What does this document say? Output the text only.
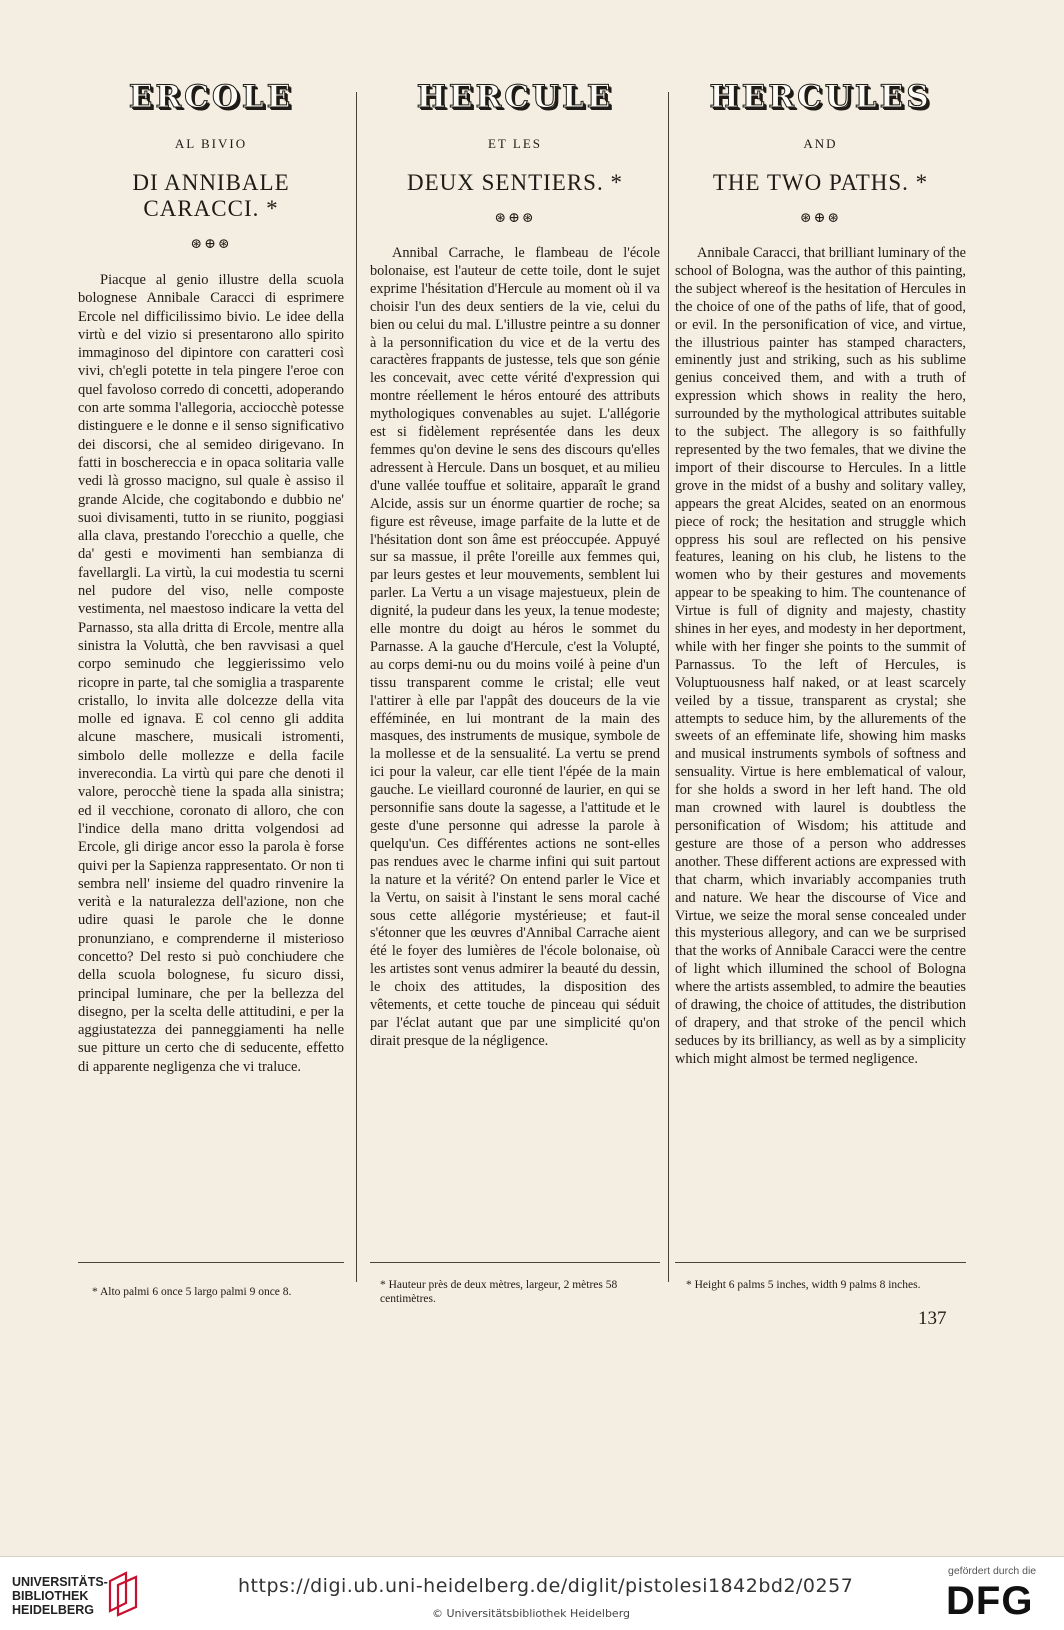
ERCOLE
AL BIVIO
DI ANNIBALE CARACCI. *
⊛⊕⊛
Piacque al genio illustre della scuola bolognese Annibale Caracci di esprimere Ercole nel difficilissimo bivio. Le idee della virtù e del vizio si presentarono allo spirito immaginoso del dipintore con caratteri così vivi, ch'egli potette in tela pingere l'eroe con quel favoloso corredo di concetti, adoperando con arte somma l'allegoria, acciocchè potesse distinguere e le donne e il senso significativo dei discorsi, che al semideo dirigevano. In fatti in boschereccia e in opaca solitaria valle vedi là grosso macigno, sul quale è assiso il grande Alcide, che cogitabondo e dubbio ne' suoi divisamenti, tutto in se riunito, poggiasi alla clava, prestando l'orecchio a quelle, che da' gesti e movimenti han sembianza di favellargli. La virtù, la cui modestia tu scerni nel pudore del viso, nelle composte vestimenta, nel maestoso indicare la vetta del Parnasso, sta alla dritta di Ercole, mentre alla sinistra la Voluttà, che ben ravvisasi a quel corpo seminudo che leggierissimo velo ricopre in parte, tal che somiglia a trasparente cristallo, lo invita alle dolcezze della vita molle ed ignava. E col cenno gli addita alcune maschere, musicali istromenti, simbolo delle mollezze e della facile inverecondia. La virtù qui pare che denoti il valore, perocchè tiene la spada alla sinistra; ed il vecchione, coronato di alloro, che con l'indice della mano dritta volgendosi ad Ercole, gli dirige ancor esso la parola è forse quivi per la Sapienza rappresentato. Or non ti sembra nell' insieme del quadro rinvenire la verità e la naturalezza dell'azione, non che udire quasi le parole che le donne pronunziano, e comprenderne il misterioso concetto? Del resto si può conchiudere che della scuola bolognese, fu sicuro dissi, principal luminare, che per la bellezza del disegno, per la scelta delle attitudini, e per la aggiustatezza dei panneggiamenti ha nelle sue pitture un certo che di seducente, effetto di apparente negligenza che vi traluce.
HERCULE
ET LES
DEUX SENTIERS. *
⊛⊕⊛
Annibal Carrache, le flambeau de l'école bolonaise, est l'auteur de cette toile, dont le sujet exprime l'hésitation d'Hercule au moment où il va choisir l'un des deux sentiers de la vie, celui du bien ou celui du mal. L'illustre peintre a su donner à la personnification du vice et de la vertu des caractères frappants de justesse, tels que son génie les concevait, avec cette vérité d'expression qui montre réellement le héros entouré des attributs mythologiques convenables au sujet. L'allégorie est si fidèlement représentée dans les deux femmes qu'on devine le sens des discours qu'elles adressent à Hercule. Dans un bosquet, et au milieu d'une vallée touffue et solitaire, apparaît le grand Alcide, assis sur un énorme quartier de roche; sa figure est rêveuse, image parfaite de la lutte et de l'hésitation dont son âme est préoccupée. Appuyé sur sa massue, il prête l'oreille aux femmes qui, par leurs gestes et leur mouvements, semblent lui parler. La Vertu a un visage majestueux, plein de dignité, la pudeur dans les yeux, la tenue modeste; elle montre du doigt au héros le sommet du Parnasse. A la gauche d'Hercule, c'est la Volupté, au corps demi-nu ou du moins voilé à peine d'un tissu transparent comme le cristal; elle veut l'attirer à elle par l'appât des douceurs de la vie efféminée, en lui montrant de la main des masques, des instruments de musique, symbole de la mollesse et de la sensualité. La vertu se prend ici pour la valeur, car elle tient l'épée de la main gauche. Le vieillard couronné de laurier, en qui se personnifie sans doute la sagesse, a l'attitude et le geste d'une personne qui adresse la parole à quelqu'un. Ces différentes actions ne sont-elles pas rendues avec le charme infini qui suit partout la nature et la vérité? On entend parler le Vice et la Vertu, on saisit à l'instant le sens moral caché sous cette allégorie mystérieuse; et faut-il s'étonner que les œuvres d'Annibal Carrache aient été le foyer des lumières de l'école bolonaise, où les artistes sont venus admirer la beauté du dessin, le choix des attitudes, la disposition des vêtements, et cette touche de pinceau qui séduit par l'éclat autant que par une simplicité qu'on dirait presque de la négligence.
HERCULES
AND
THE TWO PATHS. *
⊛⊕⊛
Annibale Caracci, that brilliant luminary of the school of Bologna, was the author of this painting, the subject whereof is the hesitation of Hercules in the choice of one of the paths of life, that of good, or evil. In the personification of vice, and virtue, the illustrious painter has stamped characters, eminently just and striking, such as his sublime genius conceived them, and with a truth of expression which shows in reality the hero, surrounded by the mythological attributes suitable to the subject. The allegory is so faithfully represented by the two females, that we divine the import of their discourse to Hercules. In a little grove in the midst of a bushy and solitary valley, appears the great Alcides, seated on an enormous piece of rock; the hesitation and struggle which oppress his soul are reflected on his pensive features, leaning on his club, he listens to the women who by their gestures and movements appear to be speaking to him. The countenance of Virtue is full of dignity and majesty, chastity shines in her eyes, and modesty in her deportment, while with her finger she points to the summit of Parnassus. To the left of Hercules, is Voluptuousness half naked, or at least scarcely veiled by a tissue, transparent as crystal; she attempts to seduce him, by the allurements of the sweets of an effeminate life, showing him masks and musical instruments symbols of softness and sensuality. Virtue is here emblematical of valour, for she holds a sword in her left hand. The old man crowned with laurel is doubtless the personification of Wisdom; his attitude and gesture are those of a person who addresses another. These different actions are expressed with that charm, which invariably accompanies truth and nature. We hear the discourse of Vice and Virtue, we seize the moral sense concealed under this mysterious allegory, and can we be surprised that the works of Annibale Caracci were the centre of light which illumined the school of Bologna where the artists assembled, to admire the beauties of drawing, the choice of attitudes, the distribution of drapery, and that stroke of the pencil which seduces by its brilliancy, as well as by a simplicity which might almost be termed negligence.
* Alto palmi 6 once 5 largo palmi 9 once 8.
* Hauteur près de deux mètres, largeur, 2 mètres 58 centimètres.
* Height 6 palms 5 inches, width 9 palms 8 inches.
137
UNIVERSITÄTS-
BIBLIOTHEK
HEIDELBERG
https://digi.ub.uni-heidelberg.de/diglit/pistolesi1842bd2/0257
© Universitätsbibliothek Heidelberg
gefördert durch die
DFG
